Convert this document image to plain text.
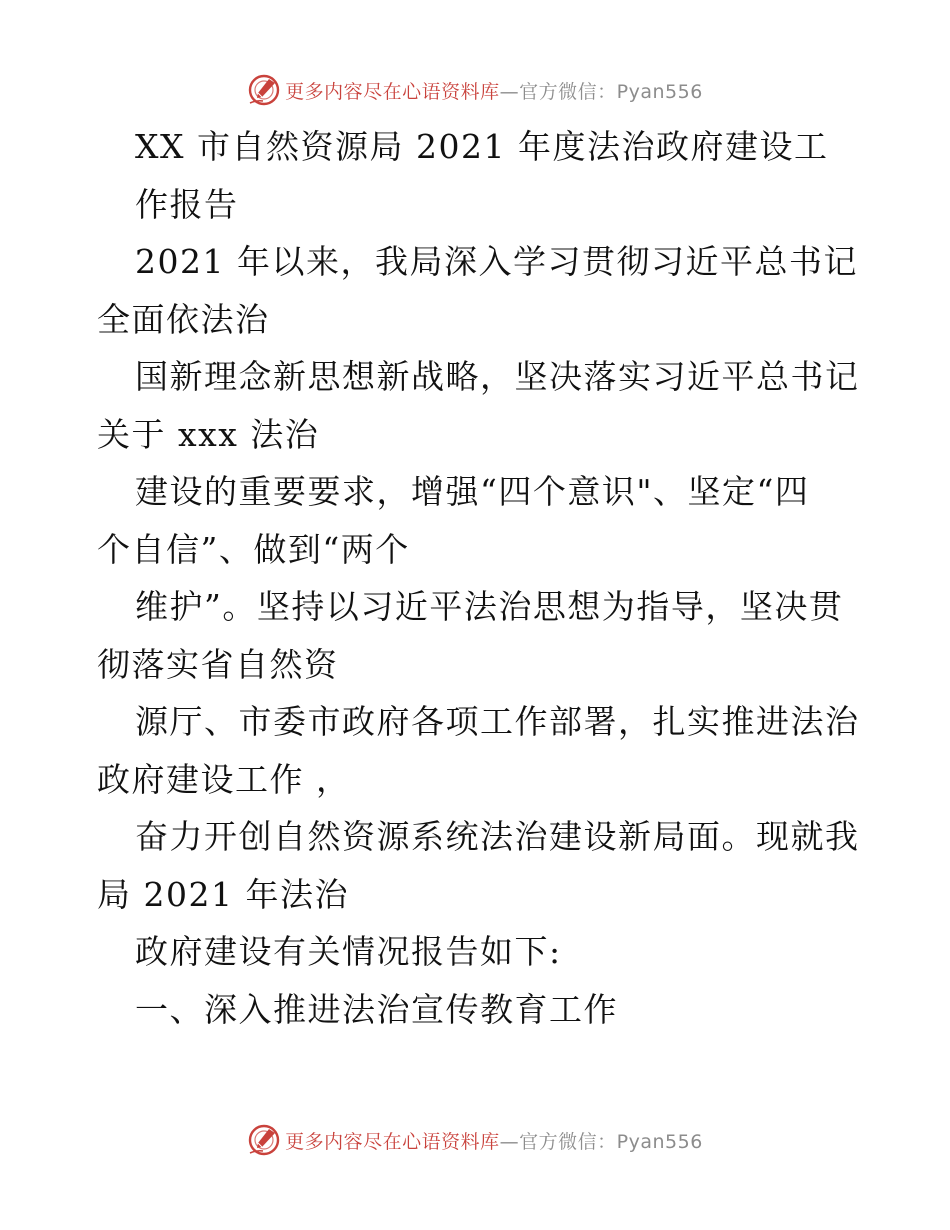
更多内容尽在心语资料库 —官方微信：Pyan556
XX 市自然资源局 2021 年度法治政府建设工
作报告
2021 年以来，我局深入学习贯彻习近平总书记
全面依法治
国新理念新思想新战略，坚决落实习近平总书记
关于 xxx 法治
建设的重要要求，增强“四个意识"、坚定“四
个自信”、做到“两个
维护”。坚持以习近平法治思想为指导，坚决贯
彻落实省自然资
源厅、市委市政府各项工作部署，扎实推进法治
政府建设工作 ，
奋力开创自然资源系统法治建设新局面。现就我
局 2021 年法治
政府建设有关情况报告如下:
一、深入推进法治宣传教育工作
更多内容尽在心语资料库 —官方微信：Pyan556
